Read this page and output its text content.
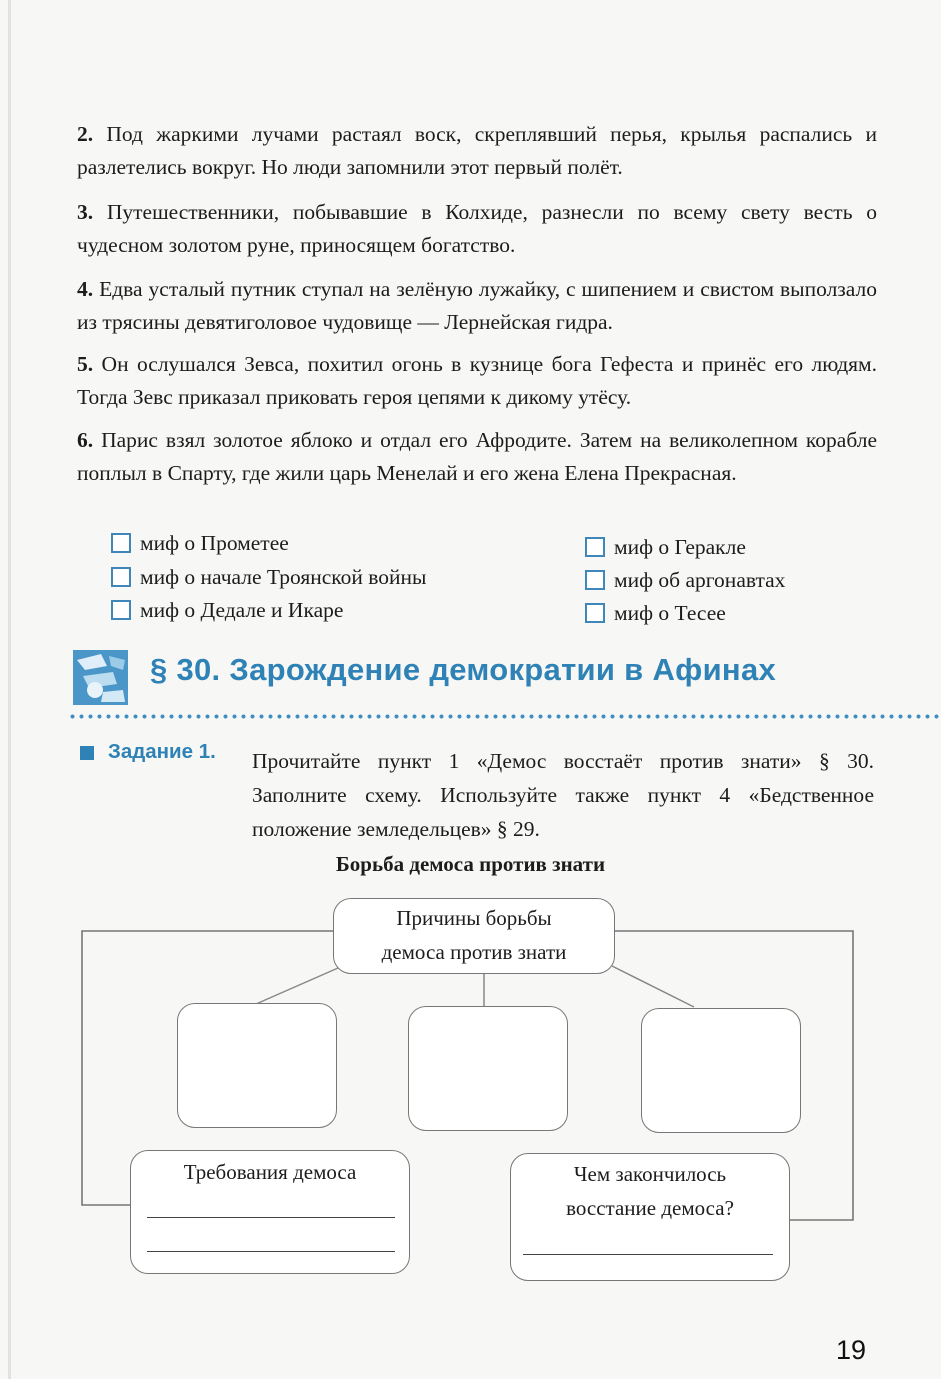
2. Под жаркими лучами растаял воск, скреплявший перья, крылья распались и разлетелись вокруг. Но люди запомнили этот первый полёт.
3. Путешественники, побывавшие в Колхиде, разнесли по всему свету весть о чудесном золотом руне, приносящем богатство.
4. Едва усталый путник ступал на зелёную лужайку, с шипением и свистом выползало из трясины девятиголовое чудовище — Лернейская гидра.
5. Он ослушался Зевса, похитил огонь в кузнице бога Гефеста и принёс его людям. Тогда Зевс приказал приковать героя цепями к дикому утёсу.
6. Парис взял золотое яблоко и отдал его Афродите. Затем на великолепном корабле поплыл в Спарту, где жили царь Менелай и его жена Елена Прекрасная.
миф о Прометее
миф о начале Троянской войны
миф о Дедале и Икаре
миф о Геракле
миф об аргонавтах
миф о Тесее
§ 30. Зарождение демократии в Афинах
Задание 1. Прочитайте пункт 1 «Демос восстаёт против знати» § 30. Заполните схему. Используйте также пункт 4 «Бедственное положение земледельцев» § 29.
Борьба демоса против знати
Причины борьбы
демоса против знати
Требования демоса	Чем закончилось
восстание демоса?
19
